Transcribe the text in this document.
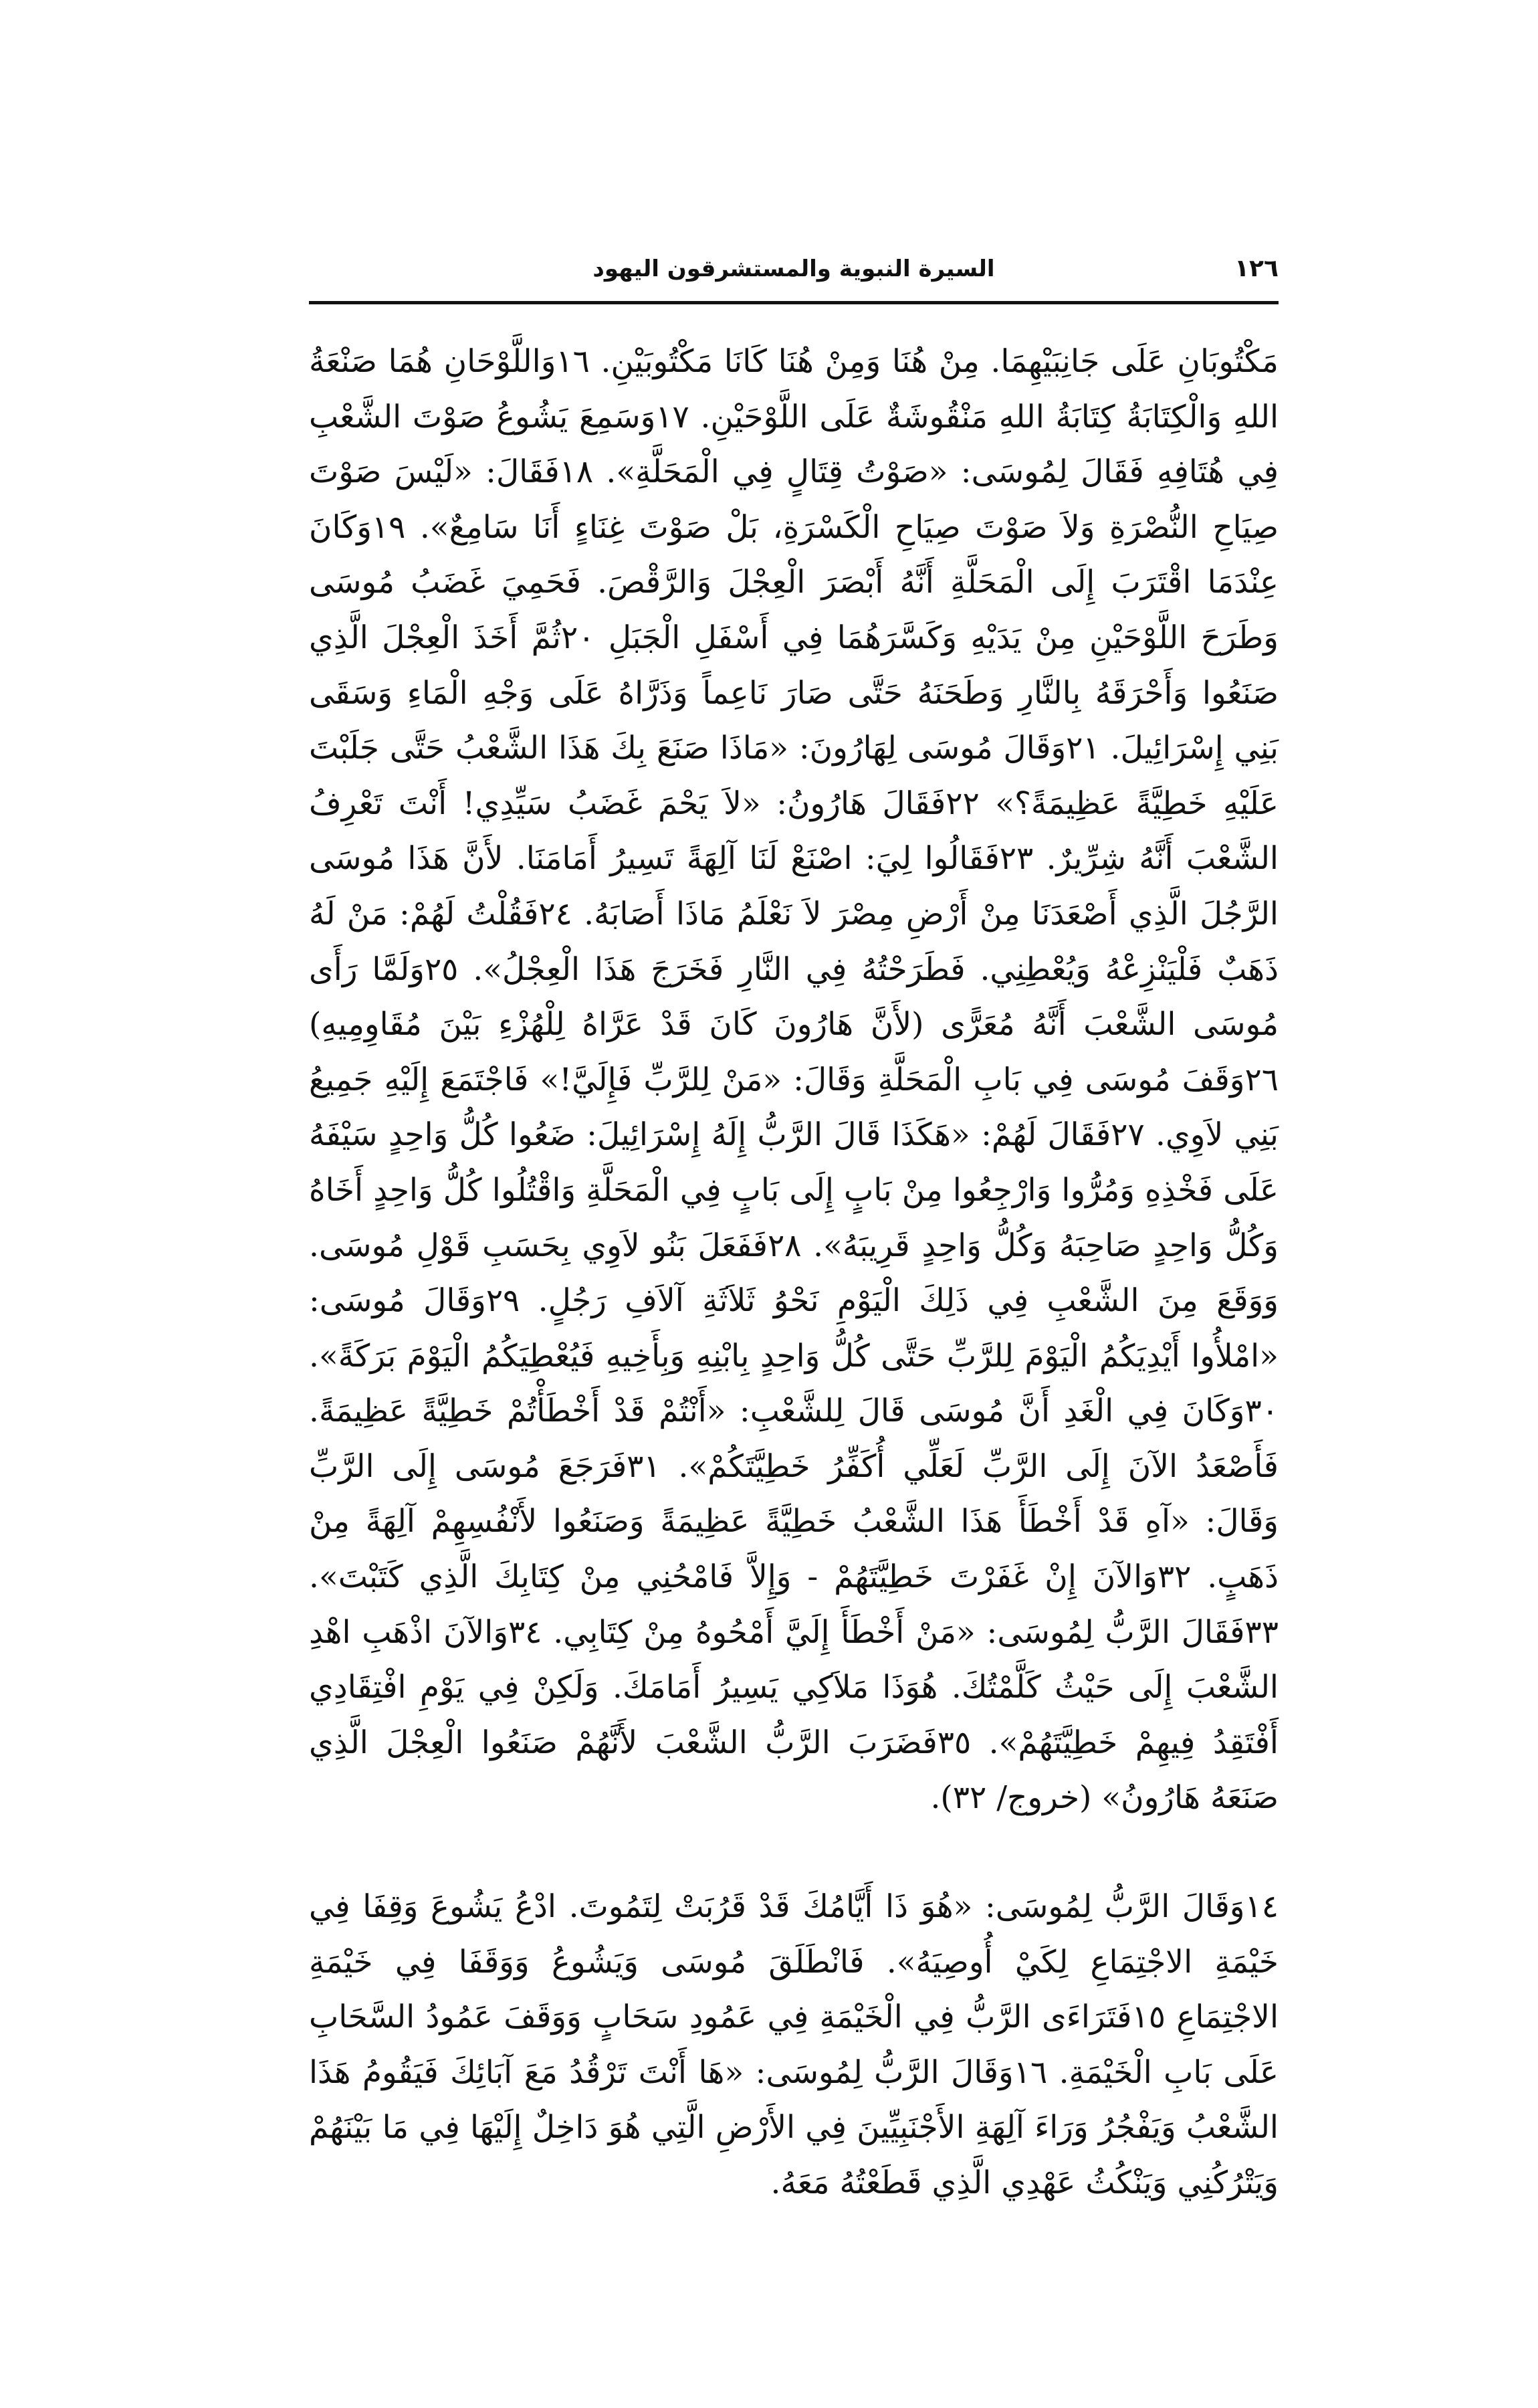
١٢٦
السيرة النبوية والمستشرقون اليهود

مَكْتُوبَانِ عَلَى جَانِبَيْهِمَا. مِنْ هُنَا وَمِنْ هُنَا كَانَا مَكْتُوبَيْنِ. ١٦وَاللَّوْحَانِ هُمَا صَنْعَةُ اللهِ وَالْكِتَابَةُ كِتَابَةُ اللهِ مَنْقُوشَةٌ عَلَى اللَّوْحَيْنِ. ١٧وَسَمِعَ يَشُوعُ صَوْتَ الشَّعْبِ فِي هُتَافِهِ فَقَالَ لِمُوسَى: «صَوْتُ قِتَالٍ فِي الْمَحَلَّةِ». ١٨فَقَالَ: «لَيْسَ صَوْتَ صِيَاحِ النُّصْرَةِ وَلاَ صَوْتَ صِيَاحِ الْكَسْرَةِ، بَلْ صَوْتَ غِنَاءٍ أَنَا سَامِعٌ». ١٩وَكَانَ عِنْدَمَا اقْتَرَبَ إِلَى الْمَحَلَّةِ أَنَّهُ أَبْصَرَ الْعِجْلَ وَالرَّقْصَ. فَحَمِيَ غَضَبُ مُوسَى وَطَرَحَ اللَّوْحَيْنِ مِنْ يَدَيْهِ وَكَسَّرَهُمَا فِي أَسْفَلِ الْجَبَلِ ٢٠ثُمَّ أَخَذَ الْعِجْلَ الَّذِي صَنَعُوا وَأَحْرَقَهُ بِالنَّارِ وَطَحَنَهُ حَتَّى صَارَ نَاعِماً وَذَرَّاهُ عَلَى وَجْهِ الْمَاءِ وَسَقَى بَنِي إِسْرَائِيلَ. ٢١وَقَالَ مُوسَى لِهَارُونَ: «مَاذَا صَنَعَ بِكَ هَذَا الشَّعْبُ حَتَّى جَلَبْتَ عَلَيْهِ خَطِيَّةً عَظِيمَةً؟» ٢٢فَقَالَ هَارُونُ: «لاَ يَحْمَ غَضَبُ سَيِّدِي! أَنْتَ تَعْرِفُ الشَّعْبَ أَنَّهُ شِرِّيرٌ. ٢٣فَقَالُوا لِيَ: اصْنَعْ لَنَا آلِهَةً تَسِيرُ أَمَامَنَا. لأَنَّ هَذَا مُوسَى الرَّجُلَ الَّذِي أَصْعَدَنَا مِنْ أَرْضِ مِصْرَ لاَ نَعْلَمُ مَاذَا أَصَابَهُ. ٢٤فَقُلْتُ لَهُمْ: مَنْ لَهُ ذَهَبٌ فَلْيَنْزِعْهُ وَيُعْطِنِي. فَطَرَحْتُهُ فِي النَّارِ فَخَرَجَ هَذَا الْعِجْلُ». ٢٥وَلَمَّا رَأَى مُوسَى الشَّعْبَ أَنَّهُ مُعَرًّى (لأَنَّ هَارُونَ كَانَ قَدْ عَرَّاهُ لِلْهُزْءِ بَيْنَ مُقَاوِمِيهِ) ٢٦وَقَفَ مُوسَى فِي بَابِ الْمَحَلَّةِ وَقَالَ: «مَنْ لِلرَّبِّ فَإِلَيَّ!» فَاجْتَمَعَ إِلَيْهِ جَمِيعُ بَنِي لاَوِي. ٢٧فَقَالَ لَهُمْ: «هَكَذَا قَالَ الرَّبُّ إِلَهُ إِسْرَائِيلَ: ضَعُوا كُلُّ وَاحِدٍ سَيْفَهُ عَلَى فَخْذِهِ وَمُرُّوا وَارْجِعُوا مِنْ بَابٍ إِلَى بَابٍ فِي الْمَحَلَّةِ وَاقْتُلُوا كُلُّ وَاحِدٍ أَخَاهُ وَكُلُّ وَاحِدٍ صَاحِبَهُ وَكُلُّ وَاحِدٍ قَرِيبَهُ». ٢٨فَفَعَلَ بَنُو لاَوِي بِحَسَبِ قَوْلِ مُوسَى. وَوَقَعَ مِنَ الشَّعْبِ فِي ذَلِكَ الْيَوْمِ نَحْوُ ثَلاَثَةِ آلاَفِ رَجُلٍ. ٢٩وَقَالَ مُوسَى: «امْلأُوا أَيْدِيَكُمُ الْيَوْمَ لِلرَّبِّ حَتَّى كُلُّ وَاحِدٍ بِابْنِهِ وَبِأَخِيهِ فَيُعْطِيَكُمُ الْيَوْمَ بَرَكَةً». ٣٠وَكَانَ فِي الْغَدِ أَنَّ مُوسَى قَالَ لِلشَّعْبِ: «أَنْتُمْ قَدْ أَخْطَأْتُمْ خَطِيَّةً عَظِيمَةً. فَأَصْعَدُ الآنَ إِلَى الرَّبِّ لَعَلِّي أُكَفِّرُ خَطِيَّتَكُمْ». ٣١فَرَجَعَ مُوسَى إِلَى الرَّبِّ وَقَالَ: «آهِ قَدْ أَخْطَأَ هَذَا الشَّعْبُ خَطِيَّةً عَظِيمَةً وَصَنَعُوا لأَنْفُسِهِمْ آلِهَةً مِنْ ذَهَبٍ. ٣٢وَالآنَ إِنْ غَفَرْتَ خَطِيَّتَهُمْ - وَإِلاَّ فَامْحُنِي مِنْ كِتَابِكَ الَّذِي كَتَبْتَ». ٣٣فَقَالَ الرَّبُّ لِمُوسَى: «مَنْ أَخْطَأَ إِلَيَّ أَمْحُوهُ مِنْ كِتَابِي. ٣٤وَالآنَ اذْهَبِ اهْدِ الشَّعْبَ إِلَى حَيْثُ كَلَّمْتُكَ. هُوَذَا مَلاَكِي يَسِيرُ أَمَامَكَ. وَلَكِنْ فِي يَوْمِ افْتِقَادِي أَفْتَقِدُ فِيهِمْ خَطِيَّتَهُمْ». ٣٥فَضَرَبَ الرَّبُّ الشَّعْبَ لأَنَّهُمْ صَنَعُوا الْعِجْلَ الَّذِي صَنَعَهُ هَارُونُ» (خروج/ ٣٢).

١٤وَقَالَ الرَّبُّ لِمُوسَى: «هُوَ ذَا أَيَّامُكَ قَدْ قَرُبَتْ لِتَمُوتَ. ادْعُ يَشُوعَ وَقِفَا فِي خَيْمَةِ الاجْتِمَاعِ لِكَيْ أُوصِيَهُ». فَانْطَلَقَ مُوسَى وَيَشُوعُ وَوَقَفَا فِي خَيْمَةِ الاجْتِمَاعِ ١٥فَتَرَاءَى الرَّبُّ فِي الْخَيْمَةِ فِي عَمُودِ سَحَابٍ وَوَقَفَ عَمُودُ السَّحَابِ عَلَى بَابِ الْخَيْمَةِ. ١٦وَقَالَ الرَّبُّ لِمُوسَى: «هَا أَنْتَ تَرْقُدُ مَعَ آبَائِكَ فَيَقُومُ هَذَا الشَّعْبُ وَيَفْجُرُ وَرَاءَ آلِهَةِ الأَجْنَبِيِّينَ فِي الأَرْضِ الَّتِي هُوَ دَاخِلٌ إِلَيْهَا فِي مَا بَيْنَهُمْ وَيَتْرُكُنِي وَيَنْكُثُ عَهْدِي الَّذِي قَطَعْتُهُ مَعَهُ.
